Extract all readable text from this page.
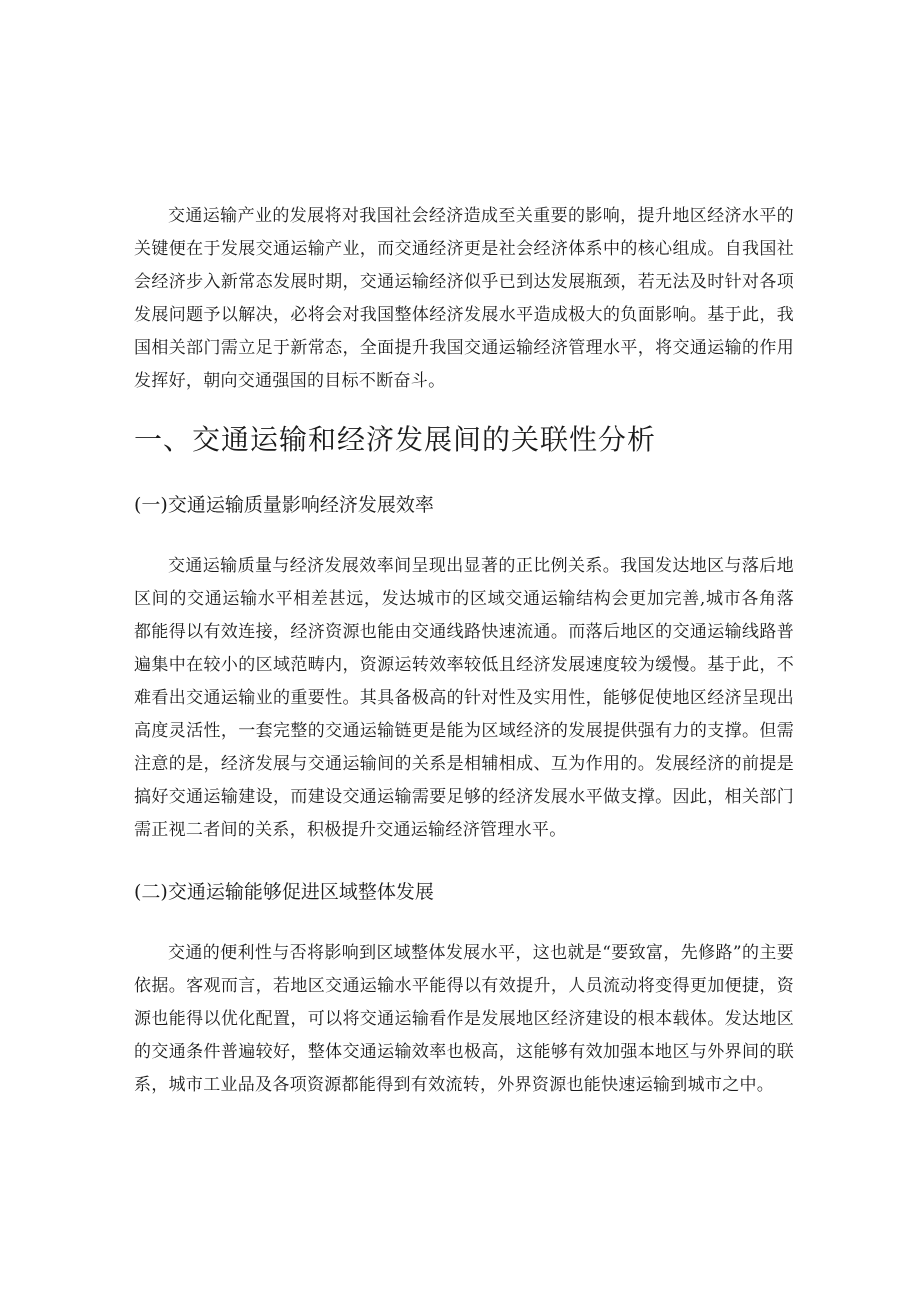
交通运输产业的发展将对我国社会经济造成至关重要的影响，提升地区经济水平的关键便在于发展交通运输产业，而交通经济更是社会经济体系中的核心组成。自我国社会经济步入新常态发展时期，交通运输经济似乎已到达发展瓶颈，若无法及时针对各项发展问题予以解决，必将会对我国整体经济发展水平造成极大的负面影响。基于此，我国相关部门需立足于新常态，全面提升我国交通运输经济管理水平，将交通运输的作用发挥好，朝向交通强国的目标不断奋斗。

一、交通运输和经济发展间的关联性分析
(一)交通运输质量影响经济发展效率

交通运输质量与经济发展效率间呈现出显著的正比例关系。我国发达地区与落后地区间的交通运输水平相差甚远，发达城市的区域交通运输结构会更加完善,城市各角落都能得以有效连接，经济资源也能由交通线路快速流通。而落后地区的交通运输线路普遍集中在较小的区域范畴内，资源运转效率较低且经济发展速度较为缓慢。基于此，不难看出交通运输业的重要性。其具备极高的针对性及实用性，能够促使地区经济呈现出高度灵活性，一套完整的交通运输链更是能为区域经济的发展提供强有力的支撑。但需注意的是，经济发展与交通运输间的关系是相辅相成、互为作用的。发展经济的前提是搞好交通运输建设，而建设交通运输需要足够的经济发展水平做支撑。因此，相关部门需正视二者间的关系，积极提升交通运输经济管理水平。

(二)交通运输能够促进区域整体发展

交通的便利性与否将影响到区域整体发展水平，这也就是“要致富，先修路”的主要依据。客观而言，若地区交通运输水平能得以有效提升，人员流动将变得更加便捷，资源也能得以优化配置，可以将交通运输看作是发展地区经济建设的根本载体。发达地区的交通条件普遍较好，整体交通运输效率也极高，这能够有效加强本地区与外界间的联系，城市工业品及各项资源都能得到有效流转，外界资源也能快速运输到城市之中。
